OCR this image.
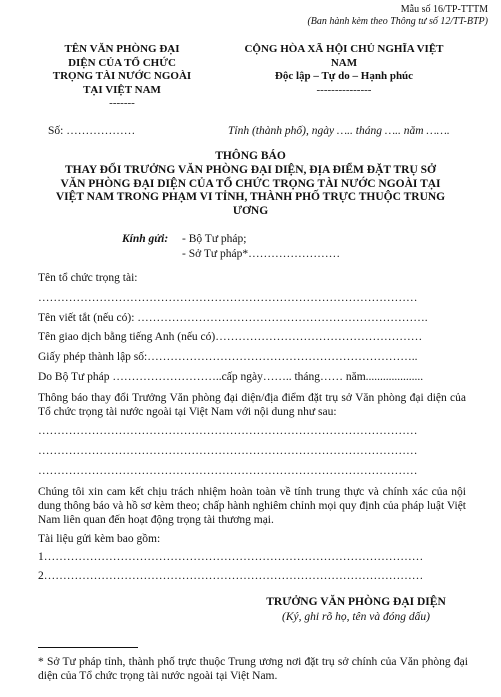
Mẫu số 16/TP-TTTM
(Ban hành kèm theo Thông tư số 12/TT-BTP)
TÊN VĂN PHÒNG ĐẠI
DIỆN CỦA TỔ CHỨC
TRỌNG TÀI NƯỚC NGOÀI
TẠI VIỆT NAM
-------
CỘNG HÒA XÃ HỘI CHỦ NGHĨA VIỆT
NAM
Độc lập – Tự do – Hạnh phúc
---------------
Số: ………………	Tỉnh (thành phố), ngày ….. tháng ….. năm …….
THÔNG BÁO
THAY ĐỔI TRƯỞNG VĂN PHÒNG ĐẠI DIỆN, ĐỊA ĐIỂM ĐẶT TRỤ SỞ
VĂN PHÒNG ĐẠI DIỆN CỦA TỔ CHỨC TRỌNG TÀI NƯỚC NGOÀI TẠI
VIỆT NAM TRONG PHẠM VI TỈNH, THÀNH PHỐ TRỰC THUỘC TRUNG
ƯƠNG
Kính gửi: - Bộ Tư pháp;
- Sở Tư pháp*……………………
Tên tổ chức trọng tài:
………………………………………………………………………………………
Tên viết tắt (nếu có): ………………………………………………………………….
Tên giao dịch bằng tiếng Anh (nếu có)………………………………………………
Giấy phép thành lập số:……………………………………………………………..
Do Bộ Tư pháp ………………………..cấp ngày…….. tháng…… năm....................
Thông báo thay đổi Trưởng Văn phòng đại diện/địa điểm đặt trụ sở Văn phòng đại diện của Tổ chức trọng tài nước ngoài tại Việt Nam với nội dung như sau:
………………………………………………………………………………………
………………………………………………………………………………………
………………………………………………………………………………………
Chúng tôi xin cam kết chịu trách nhiệm hoàn toàn về tính trung thực và chính xác của nội dung thông báo và hồ sơ kèm theo; chấp hành nghiêm chỉnh mọi quy định của pháp luật Việt Nam liên quan đến hoạt động trọng tài thương mại.
Tài liệu gửi kèm bao gồm:
1………………………………………………………………………………………
2………………………………………………………………………………………
TRƯỞNG VĂN PHÒNG ĐẠI DIỆN
(Ký, ghi rõ họ, tên và đóng dấu)
* Sở Tư pháp tỉnh, thành phố trực thuộc Trung ương nơi đặt trụ sở chính của Văn phòng đại diện của Tổ chức trọng tài nước ngoài tại Việt Nam.
